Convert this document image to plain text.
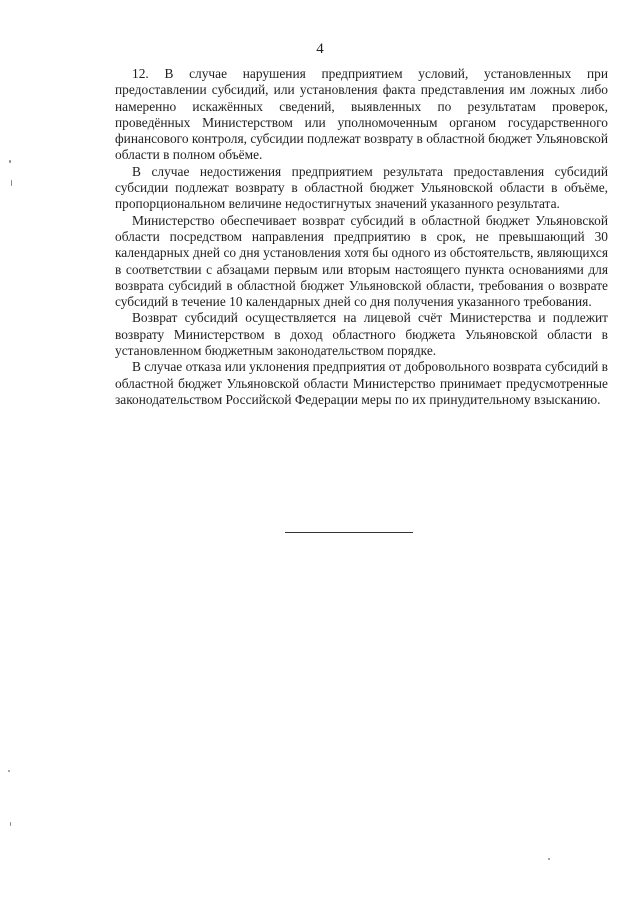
4

12. В случае нарушения предприятием условий, установленных при предоставлении субсидий, или установления факта представления им ложных либо намеренно искажённых сведений, выявленных по результатам проверок, проведённых Министерством или уполномоченным органом государственного финансового контроля, субсидии подлежат возврату в областной бюджет Ульяновской области в полном объёме.

В случае недостижения предприятием результата предоставления субсидий субсидии подлежат возврату в областной бюджет Ульяновской области в объёме, пропорциональном величине недостигнутых значений указанного результата.

Министерство обеспечивает возврат субсидий в областной бюджет Ульяновской области посредством направления предприятию в срок, не превышающий 30 календарных дней со дня установления хотя бы одного из обстоятельств, являющихся в соответствии с абзацами первым или вторым настоящего пункта основаниями для возврата субсидий в областной бюджет Ульяновской области, требования о возврате субсидий в течение 10 календарных дней со дня получения указанного требования.

Возврат субсидий осуществляется на лицевой счёт Министерства и подлежит возврату Министерством в доход областного бюджета Ульяновской области в установленном бюджетным законодательством порядке.

В случае отказа или уклонения предприятия от добровольного возврата субсидий в областной бюджет Ульяновской области Министерство принимает предусмотренные законодательством Российской Федерации меры по их принудительному взысканию.
